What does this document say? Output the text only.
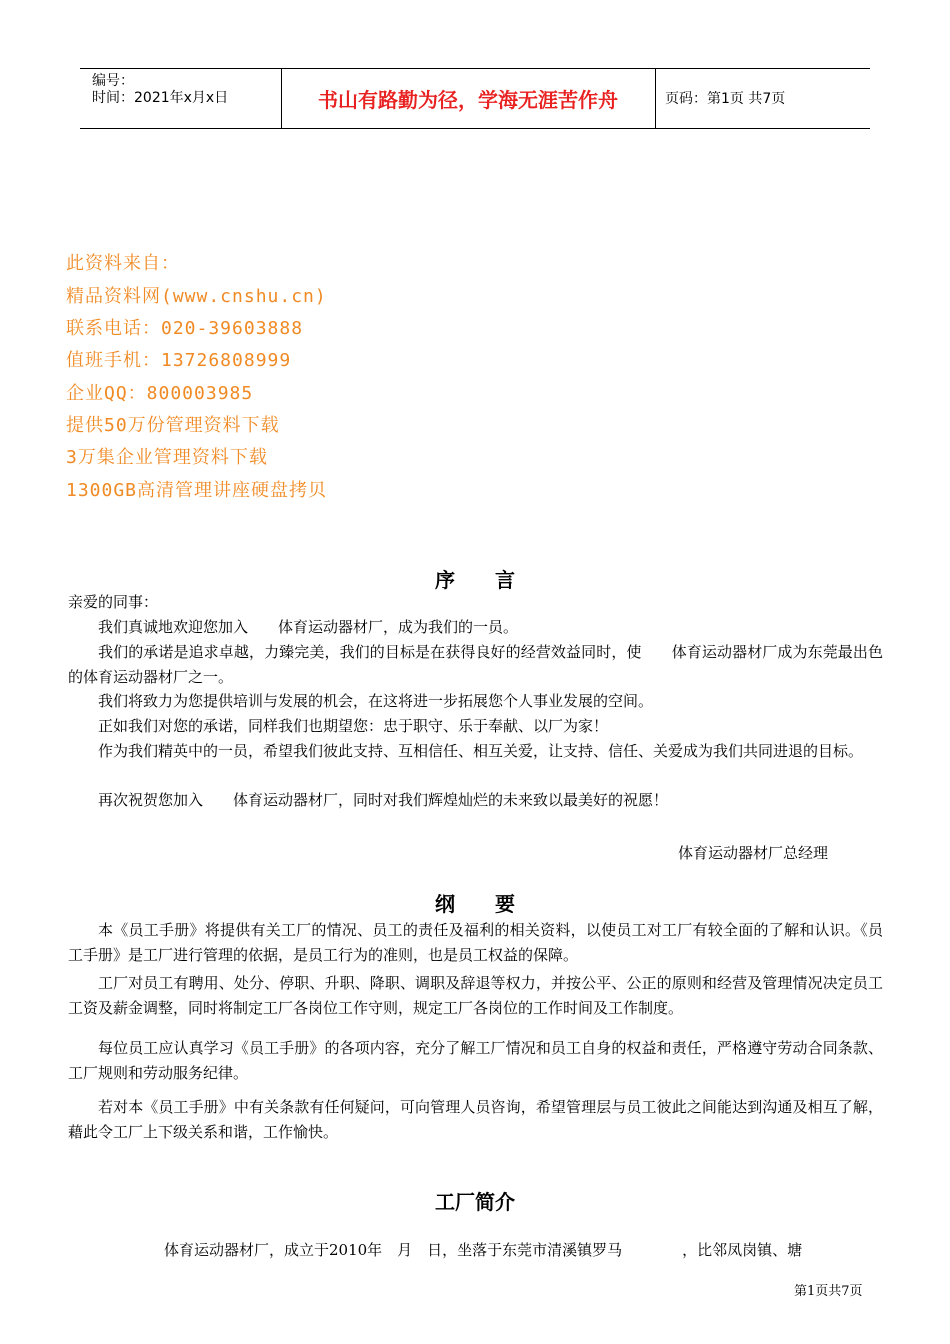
编号：
时间：2021年x月x日	书山有路勤为径，学海无涯苦作舟	页码：第1页 共7页
此资料来自：
精品资料网(www.cnshu.cn)
联系电话：020-39603888
值班手机：13726808999
企业QQ：800003985
提供50万份管理资料下载
3万集企业管理资料下载
1300GB高清管理讲座硬盘拷贝
序　　言
亲爱的同事：
我们真诚地欢迎您加入　　体育运动器材厂，成为我们的一员。
我们的承诺是追求卓越，力臻完美，我们的目标是在获得良好的经营效益同时，使　　体育运动器材厂成为东莞最出色的体育运动器材厂之一。
我们将致力为您提供培训与发展的机会，在这将进一步拓展您个人事业发展的空间。
正如我们对您的承诺，同样我们也期望您：忠于职守、乐于奉献、以厂为家！
作为我们精英中的一员，希望我们彼此支持、互相信任、相互关爱，让支持、信任、关爱成为我们共同进退的目标。
再次祝贺您加入　　体育运动器材厂，同时对我们辉煌灿烂的未来致以最美好的祝愿！
体育运动器材厂总经理
纲　　要
本《员工手册》将提供有关工厂的情况、员工的责任及福利的相关资料，以使员工对工厂有较全面的了解和认识。《员工手册》是工厂进行管理的依据，是员工行为的准则，也是员工权益的保障。
工厂对员工有聘用、处分、停职、升职、降职、调职及辞退等权力，并按公平、公正的原则和经营及管理情况决定员工工资及薪金调整，同时将制定工厂各岗位工作守则，规定工厂各岗位的工作时间及工作制度。
每位员工应认真学习《员工手册》的各项内容，充分了解工厂情况和员工自身的权益和责任，严格遵守劳动合同条款、工厂规则和劳动服务纪律。
若对本《员工手册》中有关条款有任何疑问，可向管理人员咨询，希望管理层与员工彼此之间能达到沟通及相互了解，藉此令工厂上下级关系和谐，工作愉快。
工厂简介
体育运动器材厂，成立于2010年　月　日，坐落于东莞市清溪镇罗马　　　　，比邻凤岗镇、塘
第1页共7页
